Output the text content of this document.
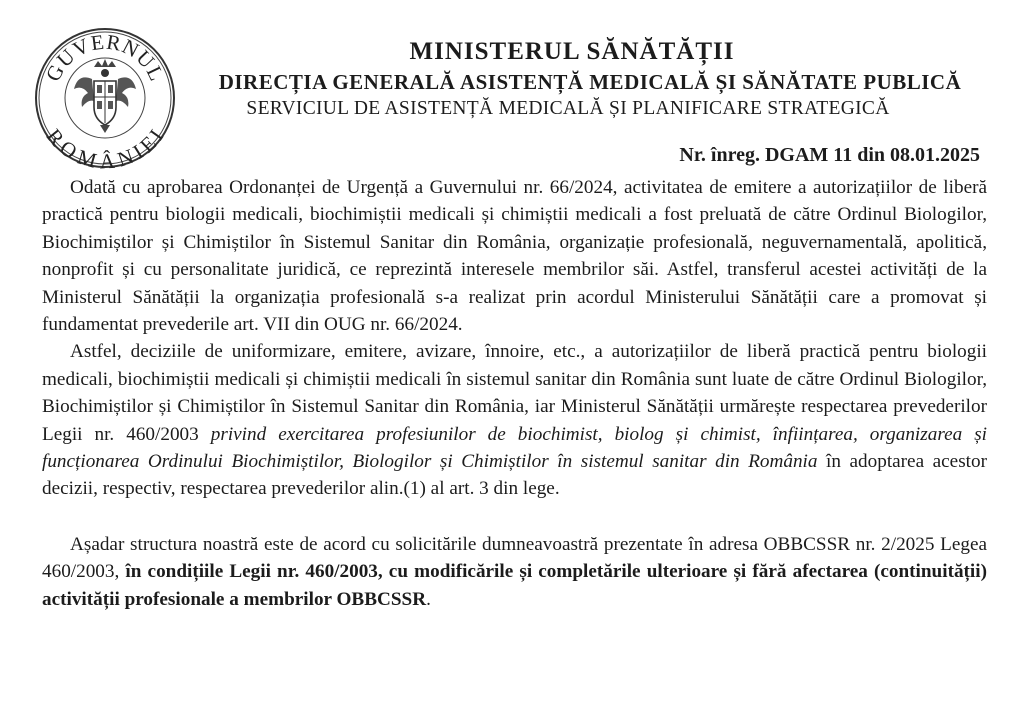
GUVERNUL
ROMÂNIEI
MINISTERUL SĂNĂTĂȚII
DIRECȚIA GENERALĂ ASISTENȚĂ MEDICALĂ ȘI SĂNĂTATE PUBLICĂ
SERVICIUL DE ASISTENȚĂ MEDICALĂ ȘI PLANIFICARE STRATEGICĂ
Nr. înreg. DGAM 11 din 08.01.2025

Odată cu aprobarea Ordonanței de Urgență a Guvernului nr. 66/2024, activitatea de emitere a autorizațiilor de liberă practică pentru biologii medicali, biochimiștii medicali și chimiștii medicali a fost preluată de către Ordinul Biologilor, Biochimiștilor și Chimiștilor în Sistemul Sanitar din România, organizație profesională, neguvernamentală, apolitică, nonprofit și cu personalitate juridică, ce reprezintă interesele membrilor săi. Astfel, transferul acestei activități de la Ministerul Sănătății la organizația profesională s-a realizat prin acordul Ministerului Sănătății care a promovat și fundamentat prevederile art. VII din OUG nr. 66/2024.

Astfel, deciziile de uniformizare, emitere, avizare, înnoire, etc., a autorizațiilor de liberă practică pentru biologii medicali, biochimiștii medicali și chimiștii medicali în sistemul sanitar din România sunt luate de către Ordinul Biologilor, Biochimiștilor și Chimiștilor în Sistemul Sanitar din România, iar Ministerul Sănătății urmărește respectarea prevederilor Legii nr. 460/2003 privind exercitarea profesiunilor de biochimist, biolog și chimist, înființarea, organizarea și funcționarea Ordinului Biochimiștilor, Biologilor și Chimiștilor în sistemul sanitar din România în adoptarea acestor decizii, respectiv, respectarea prevederilor alin.(1) al art. 3 din lege.

Așadar structura noastră este de acord cu solicitările dumneavoastră prezentate în adresa OBBCSSR nr. 2/2025 Legea 460/2003, în condițiile Legii nr. 460/2003, cu modificările și completările ulterioare și fără afectarea (continuității) activității profesionale a membrilor OBBCSSR.
